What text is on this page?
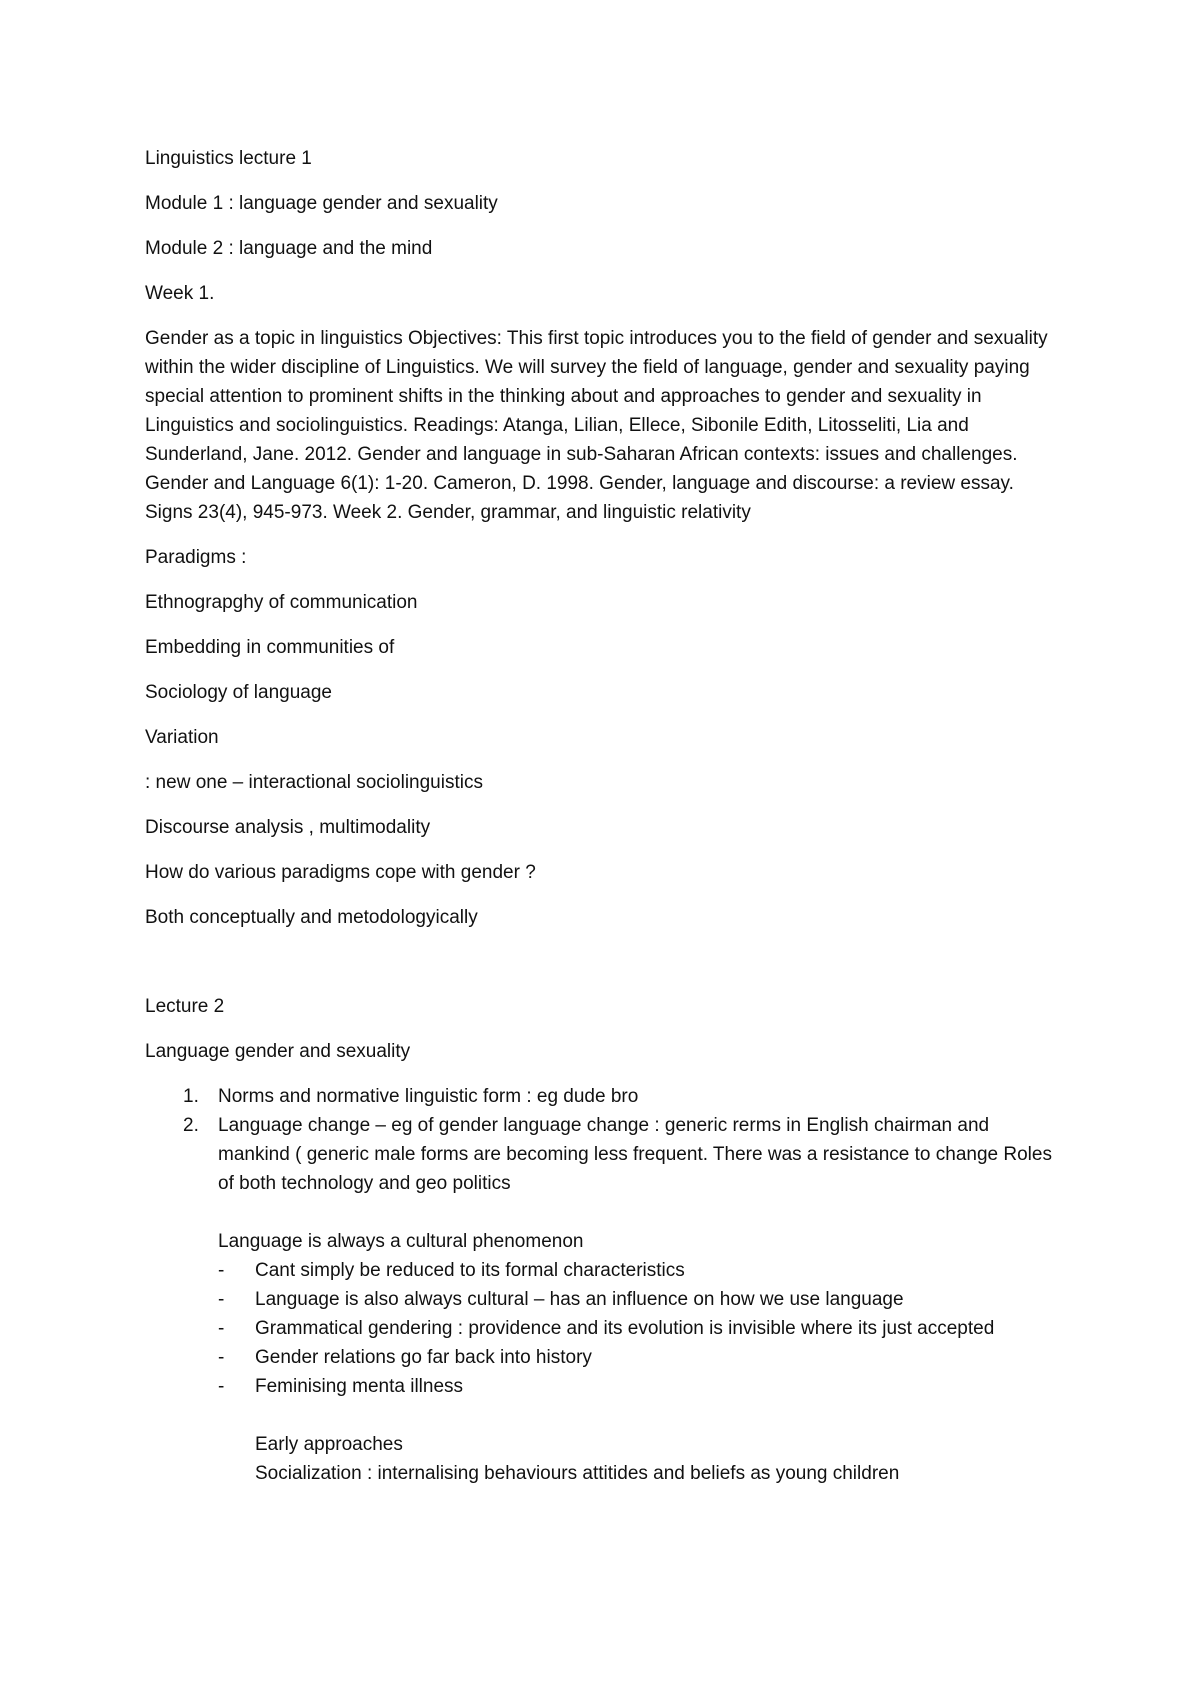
Linguistics lecture 1

Module 1 : language gender and sexuality

Module 2 : language and the mind

Week 1.

Gender as a topic in linguistics Objectives: This first topic introduces you to the field of gender and sexuality within the wider discipline of Linguistics. We will survey the field of language, gender and sexuality paying special attention to prominent shifts in the thinking about and approaches to gender and sexuality in Linguistics and sociolinguistics. Readings: Atanga, Lilian, Ellece, Sibonile Edith, Litosseliti, Lia and Sunderland, Jane. 2012. Gender and language in sub-Saharan African contexts: issues and challenges. Gender and Language 6(1): 1-20. Cameron, D. 1998. Gender, language and discourse: a review essay. Signs 23(4), 945-973. Week 2. Gender, grammar, and linguistic relativity

Paradigms :

Ethnograpghy of communication

Embedding in communities of

Sociology of language

Variation

: new one – interactional sociolinguistics

Discourse analysis , multimodality

How do various paradigms cope with gender ?

Both conceptually and metodologyically

Lecture 2

Language gender and sexuality

1. Norms and normative linguistic form : eg dude bro
2. Language change – eg of gender language change : generic rerms in English chairman and mankind ( generic male forms are becoming less frequent. There was a resistance to change Roles of both technology and geo politics
Language is always a cultural phenomenon
- Cant simply be reduced to its formal characteristics
- Language is also always cultural – has an influence on how we use language
- Grammatical gendering : providence and its evolution is invisible where its just accepted
- Gender relations go far back into history
- Feminising menta illness
Early approaches
Socialization : internalising behaviours attitides and beliefs as young children
